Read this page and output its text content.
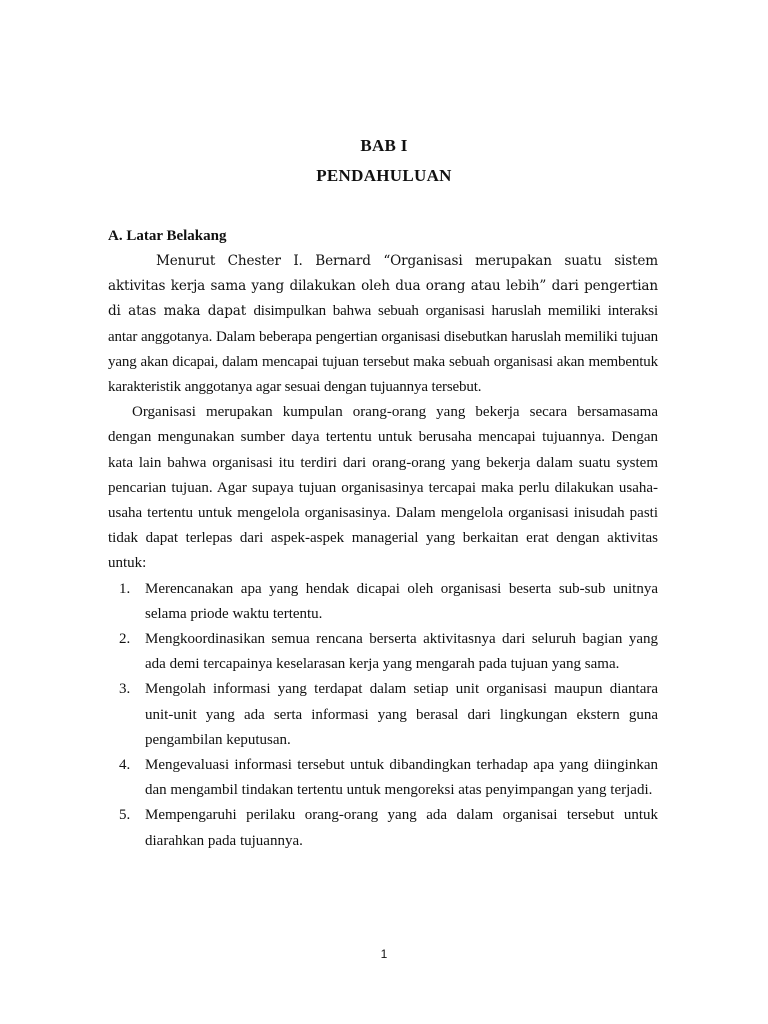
BAB I
PENDAHULUAN
A. Latar Belakang

Menurut Chester I. Bernard “Organisasi merupakan suatu sistem aktivitas kerja sama yang dilakukan oleh dua orang atau lebih” dari pengertian di atas maka dapat disimpulkan bahwa sebuah organisasi haruslah memiliki interaksi antar anggotanya. Dalam beberapa pengertian organisasi disebutkan haruslah memiliki tujuan yang akan dicapai, dalam mencapai tujuan tersebut maka sebuah organisasi akan membentuk karakteristik anggotanya agar sesuai dengan tujuannya tersebut.

Organisasi merupakan kumpulan orang-orang yang bekerja secara bersamasama dengan mengunakan sumber daya tertentu untuk berusaha mencapai tujuannya. Dengan kata lain bahwa organisasi itu terdiri dari orang-orang yang bekerja dalam suatu system pencarian tujuan. Agar supaya tujuan organisasinya tercapai maka perlu dilakukan usaha-usaha tertentu untuk mengelola organisasinya. Dalam mengelola organisasi inisudah pasti tidak dapat terlepas dari aspek-aspek managerial yang berkaitan erat dengan aktivitas untuk:

1. Merencanakan apa yang hendak dicapai oleh organisasi beserta sub-sub unitnya selama priode waktu tertentu.
2. Mengkoordinasikan semua rencana berserta aktivitasnya dari seluruh bagian yang ada demi tercapainya keselarasan kerja yang mengarah pada tujuan yang sama.
3. Mengolah informasi yang terdapat dalam setiap unit organisasi maupun diantara unit-unit yang ada serta informasi yang berasal dari lingkungan ekstern guna pengambilan keputusan.
4. Mengevaluasi informasi tersebut untuk dibandingkan terhadap apa yang diinginkan dan mengambil tindakan tertentu untuk mengoreksi atas penyimpangan yang terjadi.
5. Mempengaruhi perilaku orang-orang yang ada dalam organisai tersebut untuk diarahkan pada tujuannya.
1
